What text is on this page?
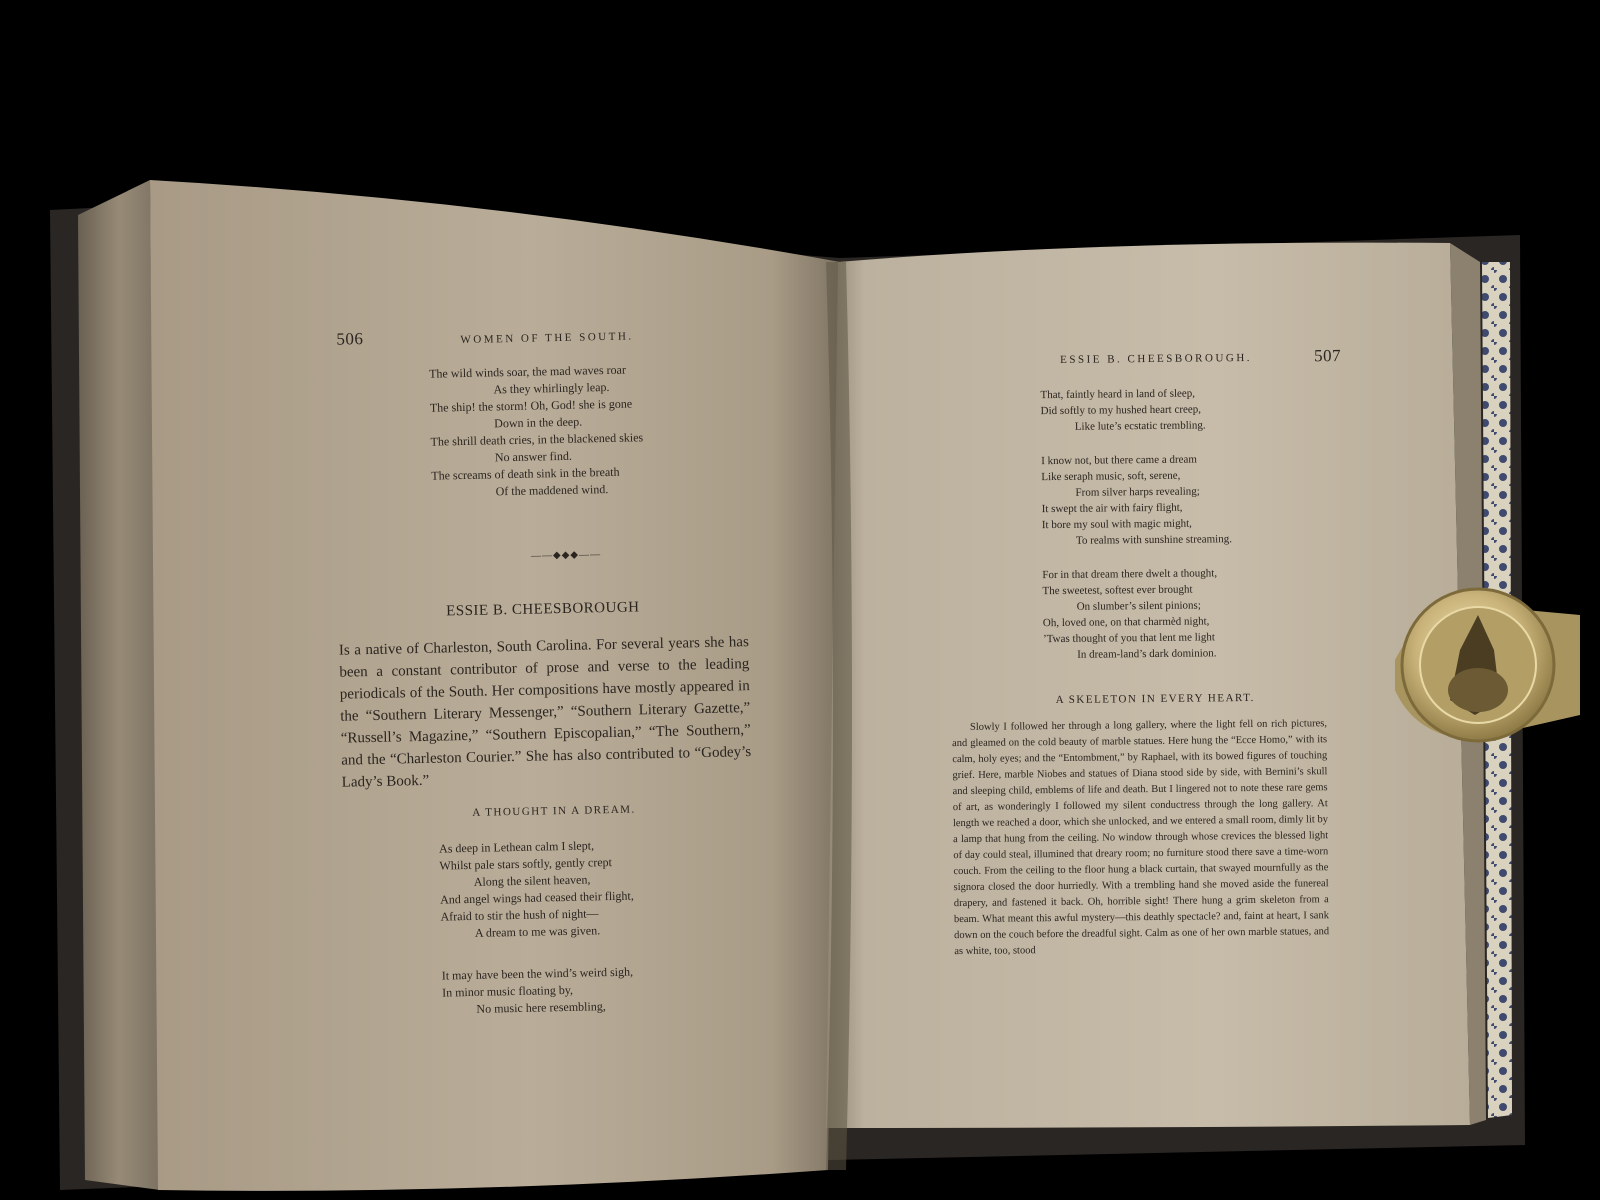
506	WOMEN OF THE SOUTH.
The wild winds soar, the mad waves roar
As they whirlingly leap.
The ship! the storm! Oh, God! she is gone
Down in the deep.
The shrill death cries, in the blackened skies
No answer find.
The screams of death sink in the breath
Of the maddened wind.
——◆◆◆——
ESSIE B. CHEESBOROUGH
Is a native of Charleston, South Carolina. For several years she has been a constant contributor of prose and verse to the leading periodicals of the South. Her compositions have mostly appeared in the “Southern Literary Messenger,” “Southern Literary Gazette,” “Russell’s Magazine,” “Southern Episcopalian,” “The Southern,” and the “Charleston Courier.” She has also contributed to “Godey’s Lady’s Book.”
A THOUGHT IN A DREAM.
As deep in Lethean calm I slept,
Whilst pale stars softly, gently crept
Along the silent heaven,
And angel wings had ceased their flight,
Afraid to stir the hush of night—
A dream to me was given.
It may have been the wind’s weird sigh,
In minor music floating by,
No music here resembling,
ESSIE B. CHEESBOROUGH.	507
That, faintly heard in land of sleep,
Did softly to my hushed heart creep,
Like lute’s ecstatic trembling.
I know not, but there came a dream
Like seraph music, soft, serene,
From silver harps revealing;
It swept the air with fairy flight,
It bore my soul with magic might,
To realms with sunshine streaming.
For in that dream there dwelt a thought,
The sweetest, softest ever brought
On slumber’s silent pinions;
Oh, loved one, on that charmèd night,
’Twas thought of you that lent me light
In dream-land’s dark dominion.
A SKELETON IN EVERY HEART.
Slowly I followed her through a long gallery, where the light fell on rich pictures, and gleamed on the cold beauty of marble statues. Here hung the “Ecce Homo,” with its calm, holy eyes; and the “Entombment,” by Raphael, with its bowed figures of touching grief. Here, marble Niobes and statues of Diana stood side by side, with Bernini’s skull and sleeping child, emblems of life and death. But I lingered not to note these rare gems of art, as wonderingly I followed my silent conductress through the long gallery. At length we reached a door, which she unlocked, and we entered a small room, dimly lit by a lamp that hung from the ceiling. No window through whose crevices the blessed light of day could steal, illumined that dreary room; no furniture stood there save a time-worn couch. From the ceiling to the floor hung a black curtain, that swayed mournfully as the signora closed the door hurriedly. With a trembling hand she moved aside the funereal drapery, and fastened it back. Oh, horrible sight! There hung a grim skeleton from a beam. What meant this awful mystery—this deathly spectacle? and, faint at heart, I sank down on the couch before the dreadful sight. Calm as one of her own marble statues, and as white, too, stood
